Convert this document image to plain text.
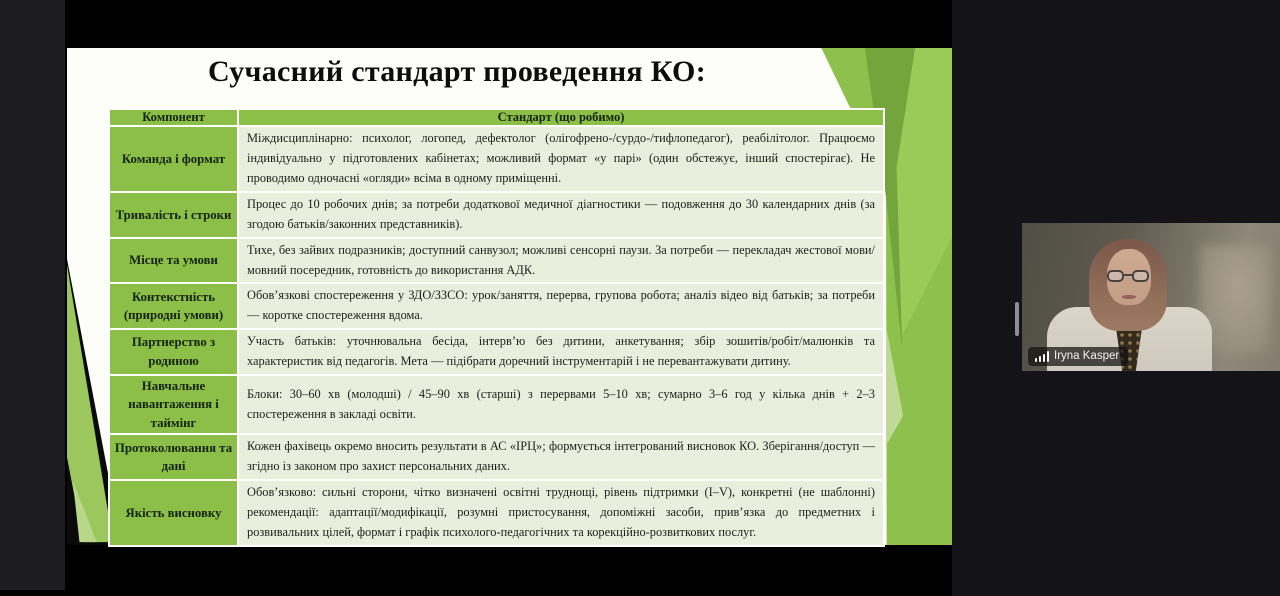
Сучасний стандарт проведення КО:
Компонент	Стандарт (що робимо)
Команда і формат	Міждисциплінарно: психолог, логопед, дефектолог (олігофрено-/сурдо-/тифлопедагог), реабілітолог. Працюємо індивідуально у підготовлених кабінетах; можливий формат «у парі» (один обстежує, інший спостерігає). Не проводимо одночасні «огляди» всіма в одному приміщенні.
Тривалість і строки	Процес до 10 робочих днів; за потреби додаткової медичної діагностики — подовження до 30 календарних днів (за згодою батьків/законних представників).
Місце та умови	Тихе, без зайвих подразників; доступний санвузол; можливі сенсорні паузи. За потреби — перекладач жестової мови/мовний посередник, готовність до використання АДК.
Контекстність (природні умови)	Обов’язкові спостереження у ЗДО/ЗЗСО: урок/заняття, перерва, групова робота; аналіз відео від батьків; за потреби — коротке спостереження вдома.
Партнерство з родиною	Участь батьків: уточнювальна бесіда, інтерв’ю без дитини, анкетування; збір зошитів/робіт/малюнків та характеристик від педагогів. Мета — підібрати доречний інструментарій і не перевантажувати дитину.
Навчальне навантаження і таймінг	Блоки: 30–60 хв (молодші) / 45–90 хв (старші) з перервами 5–10 хв; сумарно 3–6 год у кілька днів + 2–3 спостереження в закладі освіти.
Протоколювання та дані	Кожен фахівець окремо вносить результати в АС «ІРЦ»; формується інтегрований висновок КО. Зберігання/доступ — згідно із законом про захист персональних даних.
Якість висновку	Обов’язково: сильні сторони, чітко визначені освітні труднощі, рівень підтримки (I–V), конкретні (не шаблонні) рекомендації: адаптації/модифікації, розумні пристосування, допоміжні засоби, прив’язка до предметних і розвивальних цілей, формат і графік психолого-педагогічних та корекційно-розвиткових послуг.
Iryna Kasper
